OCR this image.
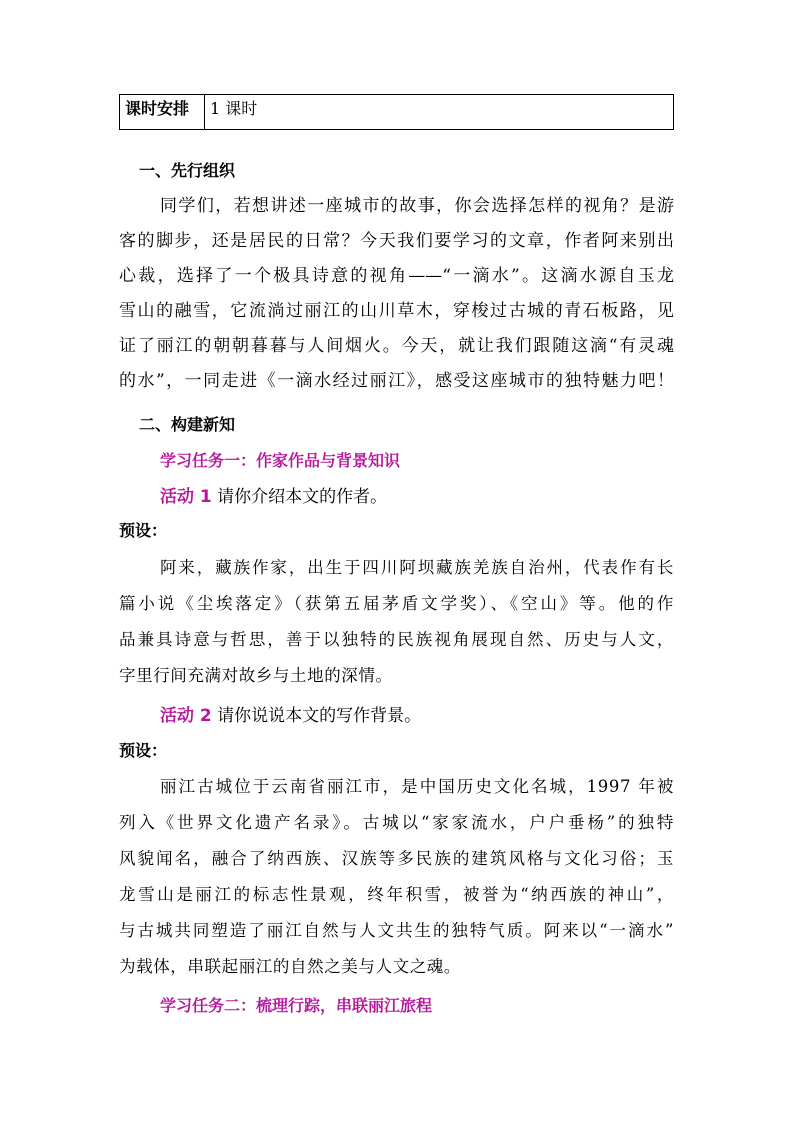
课时安排	1 课时
一、先行组织
同学们，若想讲述一座城市的故事，你会选择怎样的视角？是游
客的脚步，还是居民的日常？今天我们要学习的文章，作者阿来别出
心裁，选择了一个极具诗意的视角——“一滴水”。这滴水源自玉龙
雪山的融雪，它流淌过丽江的山川草木，穿梭过古城的青石板路，见
证了丽江的朝朝暮暮与人间烟火。今天，就让我们跟随这滴“有灵魂
的水”，一同走进《一滴水经过丽江》，感受这座城市的独特魅力吧！
二、构建新知
学习任务一：作家作品与背景知识
活动 1 请你介绍本文的作者。
预设：
阿来，藏族作家，出生于四川阿坝藏族羌族自治州，代表作有长
篇小说《尘埃落定》（获第五届茅盾文学奖）、《空山》等。他的作
品兼具诗意与哲思，善于以独特的民族视角展现自然、历史与人文，
字里行间充满对故乡与土地的深情。
活动 2 请你说说本文的写作背景。
预设：
丽江古城位于云南省丽江市，是中国历史文化名城，1997 年被
列入《世界文化遗产名录》。古城以“家家流水，户户垂杨”的独特
风貌闻名，融合了纳西族、汉族等多民族的建筑风格与文化习俗；玉
龙雪山是丽江的标志性景观，终年积雪，被誉为“纳西族的神山”，
与古城共同塑造了丽江自然与人文共生的独特气质。阿来以“一滴水”
为载体，串联起丽江的自然之美与人文之魂。
学习任务二：梳理行踪，串联丽江旅程
